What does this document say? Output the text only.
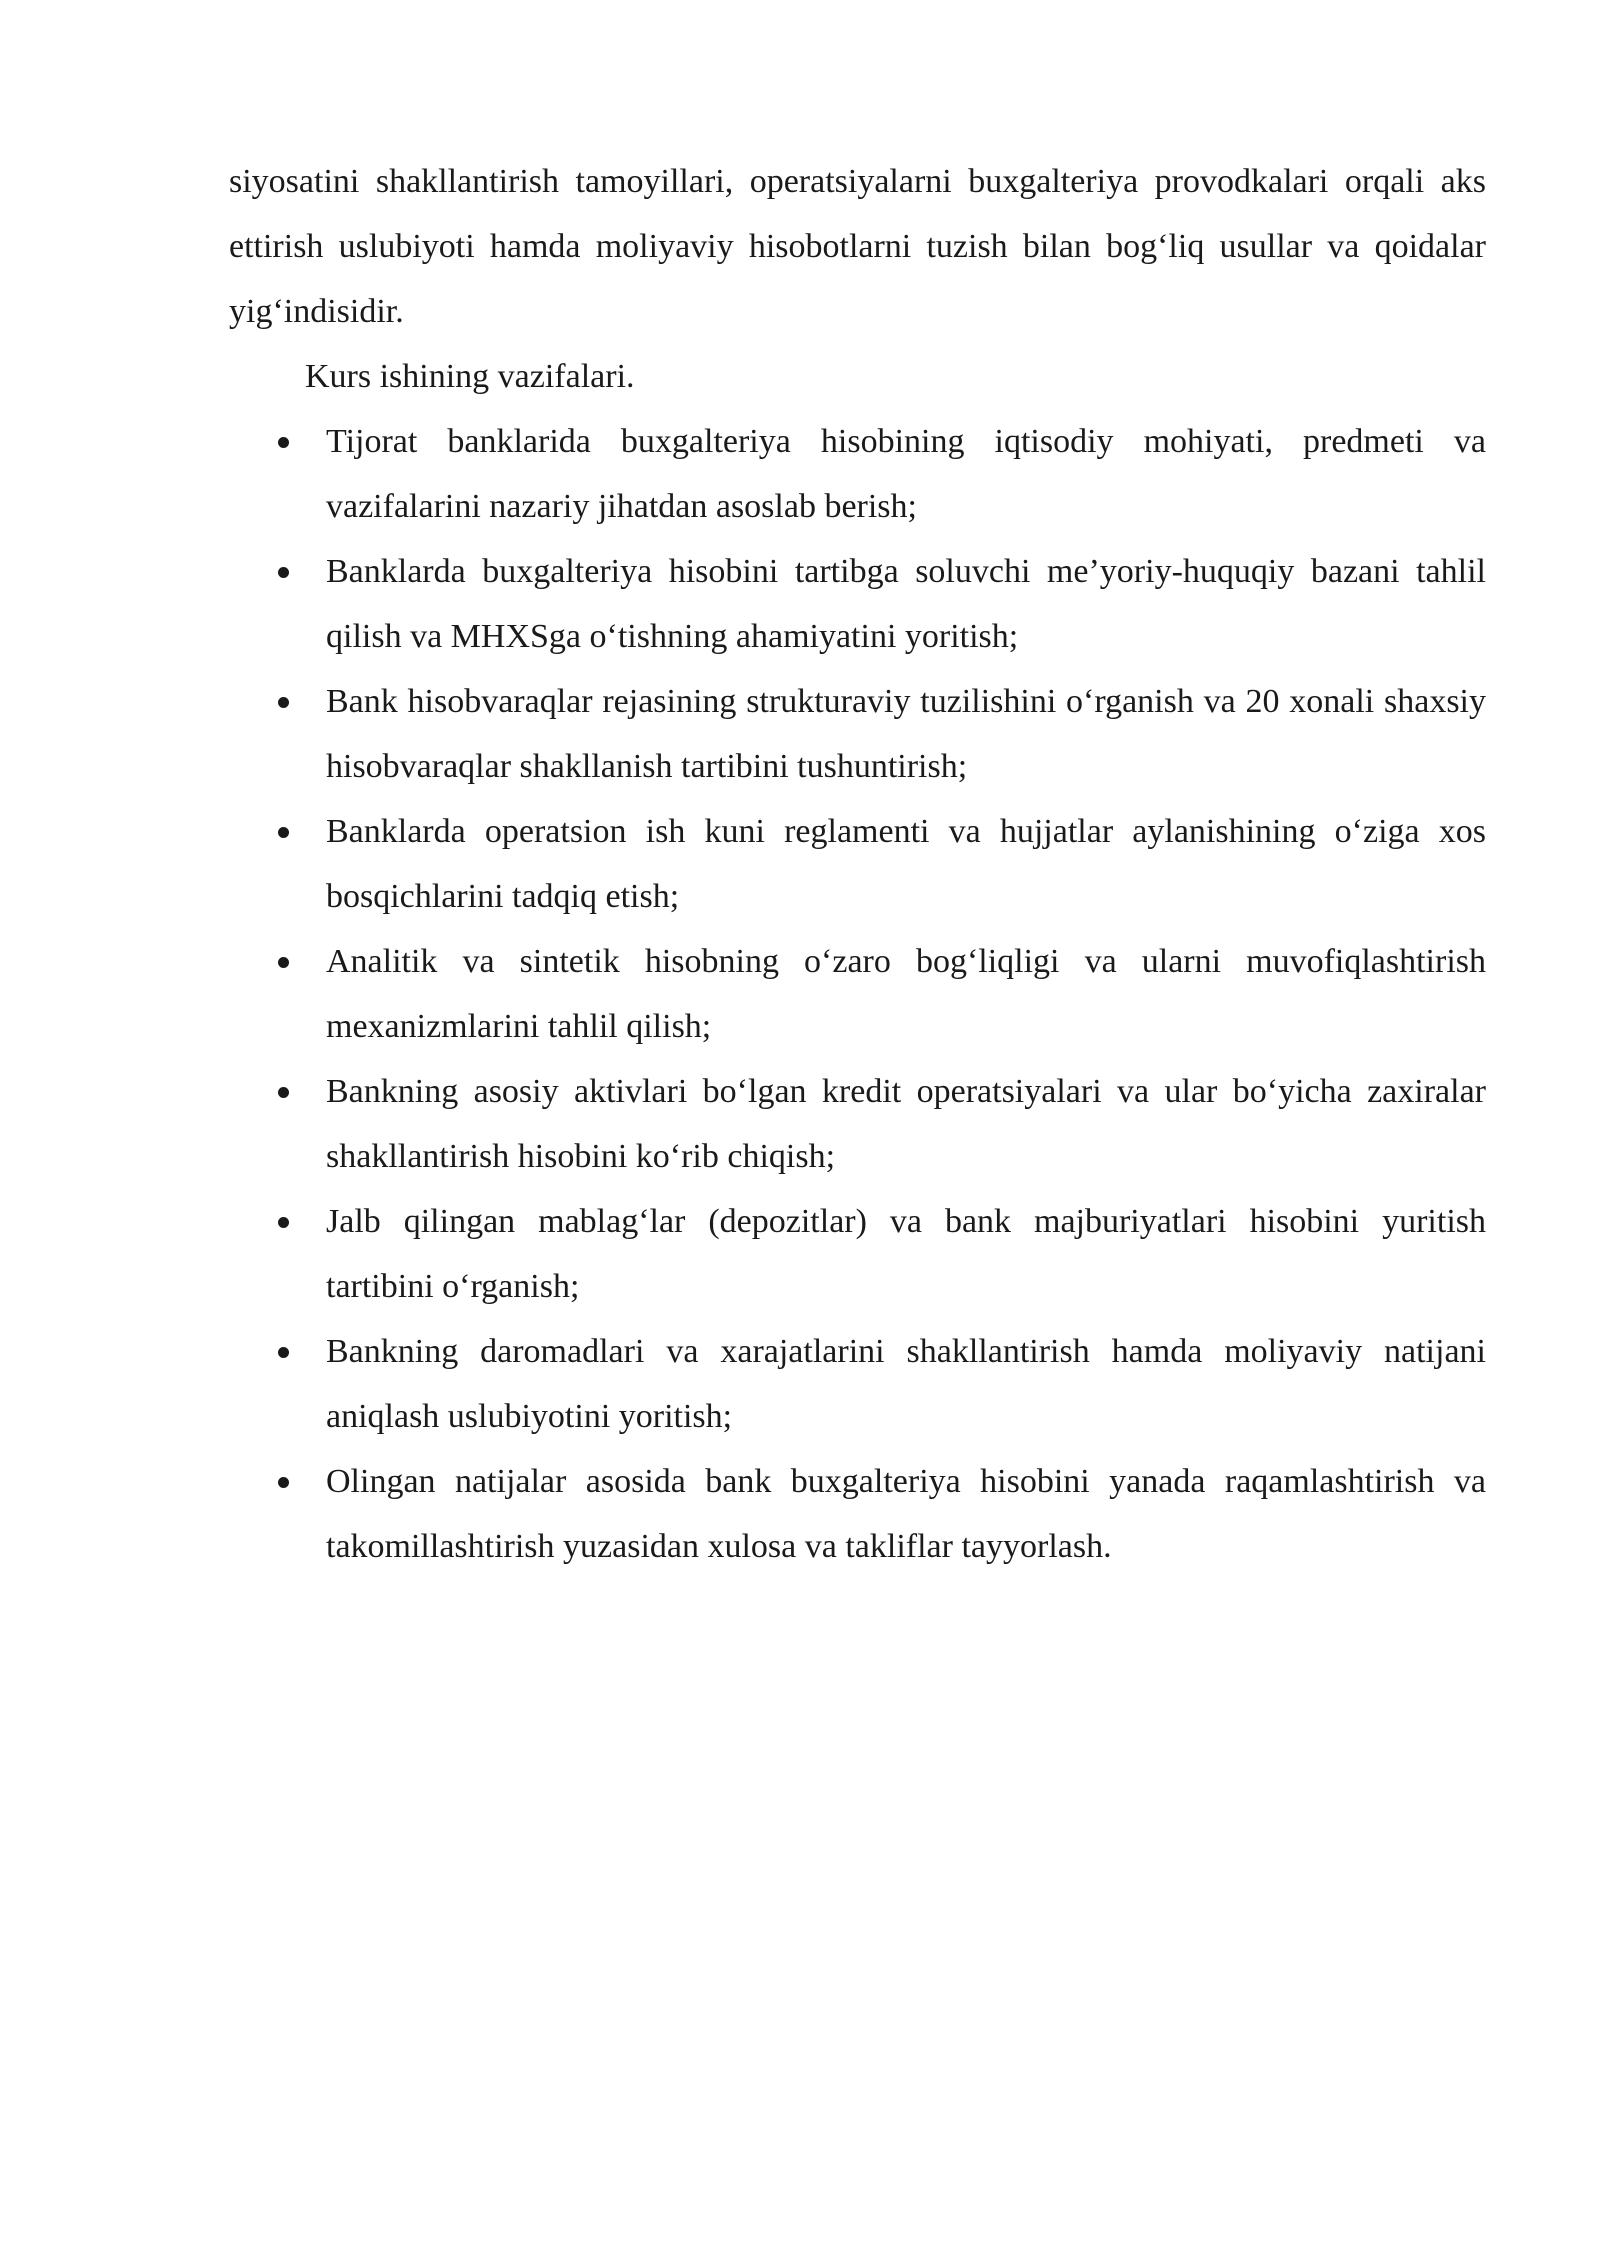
siyosatini shakllantirish tamoyillari, operatsiyalarni buxgalteriya provodkalari orqali aks ettirish uslubiyoti hamda moliyaviy hisobotlarni tuzish bilan bog‘liq usullar va qoidalar yig‘indisidir.

Kurs ishining vazifalari.

Tijorat banklarida buxgalteriya hisobining iqtisodiy mohiyati, predmeti va vazifalarini nazariy jihatdan asoslab berish;
Banklarda buxgalteriya hisobini tartibga soluvchi me’yoriy-huquqiy bazani tahlil qilish va MHXSga o‘tishning ahamiyatini yoritish;
Bank hisobvaraqlar rejasining strukturaviy tuzilishini o‘rganish va 20 xonali shaxsiy hisobvaraqlar shakllanish tartibini tushuntirish;
Banklarda operatsion ish kuni reglamenti va hujjatlar aylanishining o‘ziga xos bosqichlarini tadqiq etish;
Analitik va sintetik hisobning o‘zaro bog‘liqligi va ularni muvofiqlashtirish mexanizmlarini tahlil qilish;
Bankning asosiy aktivlari bo‘lgan kredit operatsiyalari va ular bo‘yicha zaxiralar shakllantirish hisobini ko‘rib chiqish;
Jalb qilingan mablag‘lar (depozitlar) va bank majburiyatlari hisobini yuritish tartibini o‘rganish;
Bankning daromadlari va xarajatlarini shakllantirish hamda moliyaviy natijani aniqlash uslubiyotini yoritish;
Olingan natijalar asosida bank buxgalteriya hisobini yanada raqamlashtirish va takomillashtirish yuzasidan xulosa va takliflar tayyorlash.
